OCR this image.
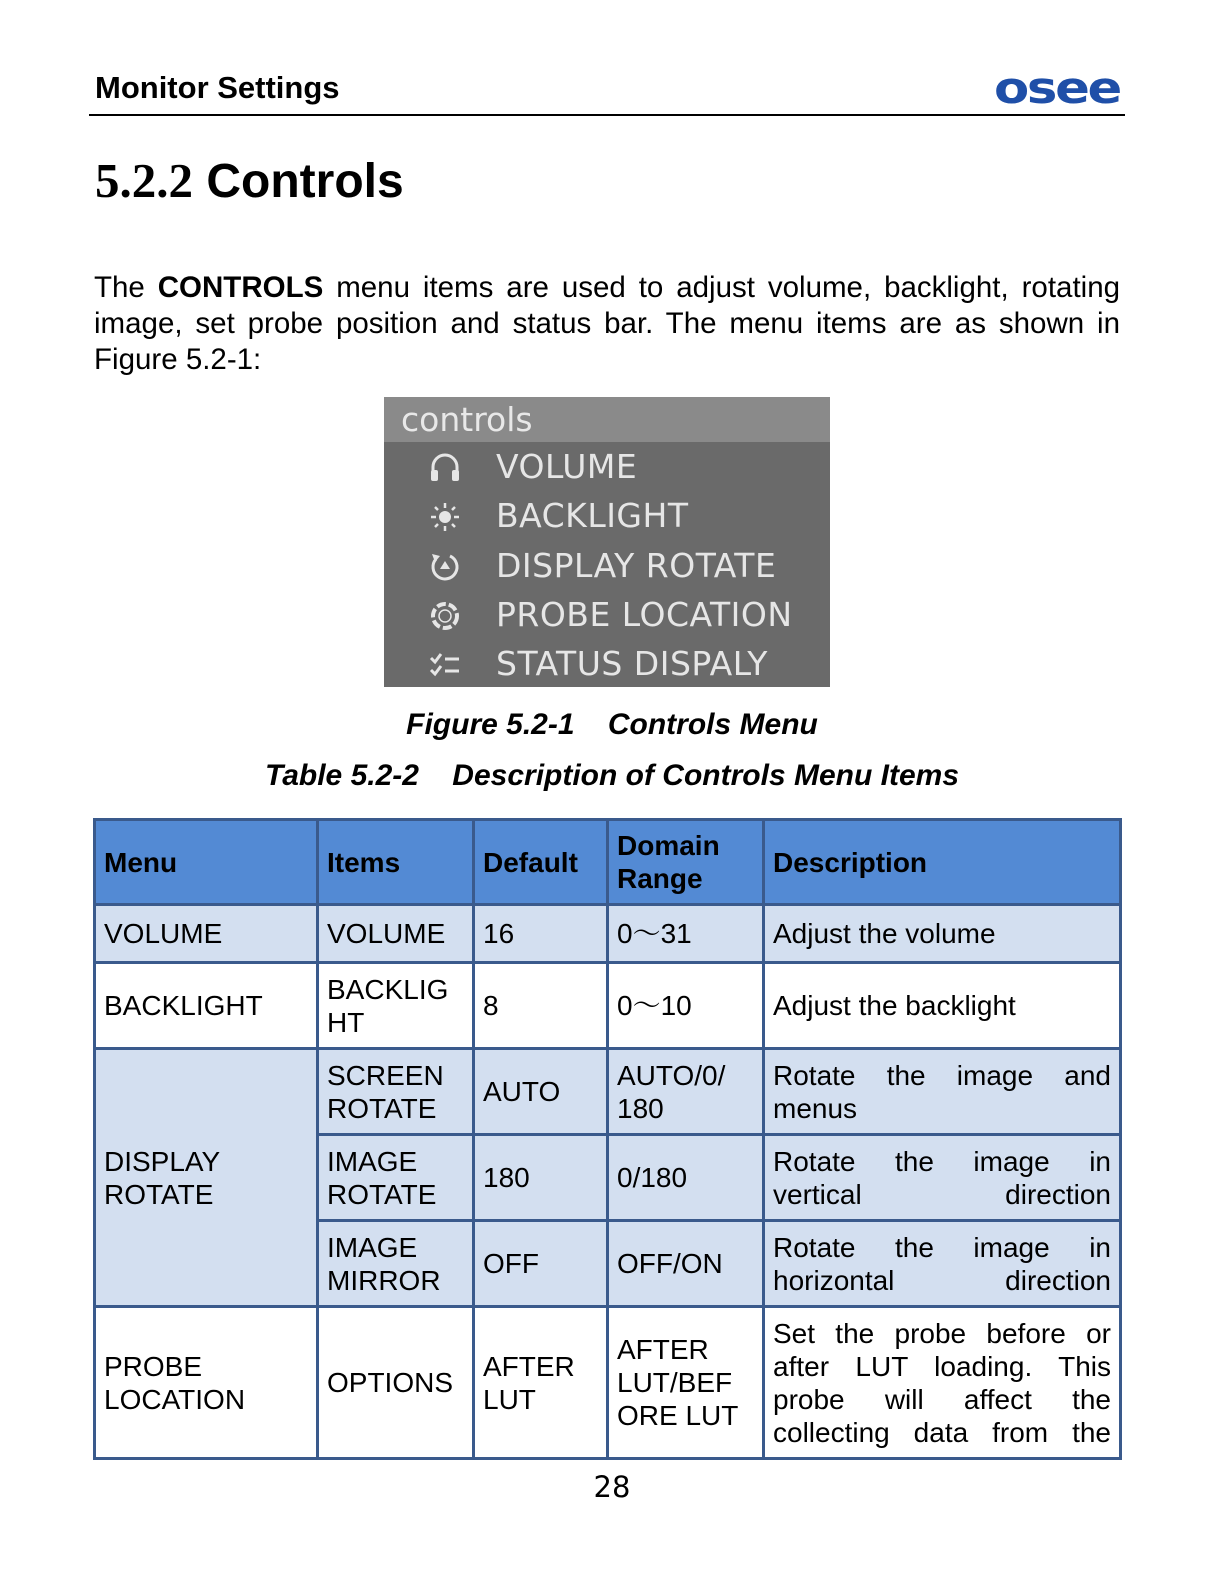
Monitor Settings	osee
5.2.2 Controls
The CONTROLS menu items are used to adjust volume, backlight, rotating image, set probe position and status bar. The menu items are as shown in Figure 5.2-1:
controls
VOLUME
BACKLIGHT
DISPLAY ROTATE
PROBE LOCATION
STATUS DISPALY
Figure 5.2-1    Controls Menu
Table 5.2-2    Description of Controls Menu Items
Menu	Items	Default	Domain Range	Description
VOLUME	VOLUME	16	0～31	Adjust the volume
BACKLIGHT	BACKLIG HT	8	0～10	Adjust the backlight
DISPLAY ROTATE	SCREEN ROTATE	AUTO	AUTO/0/ 180	Rotate the image and menus
	IMAGE ROTATE	180	0/180	Rotate the image in vertical direction
	IMAGE MIRROR	OFF	OFF/ON	Rotate the image in horizontal direction
PROBE LOCATION	OPTIONS	AFTER LUT	AFTER LUT/BEF ORE LUT	Set the probe before or after LUT loading. This probe will affect the collecting data from the
28
